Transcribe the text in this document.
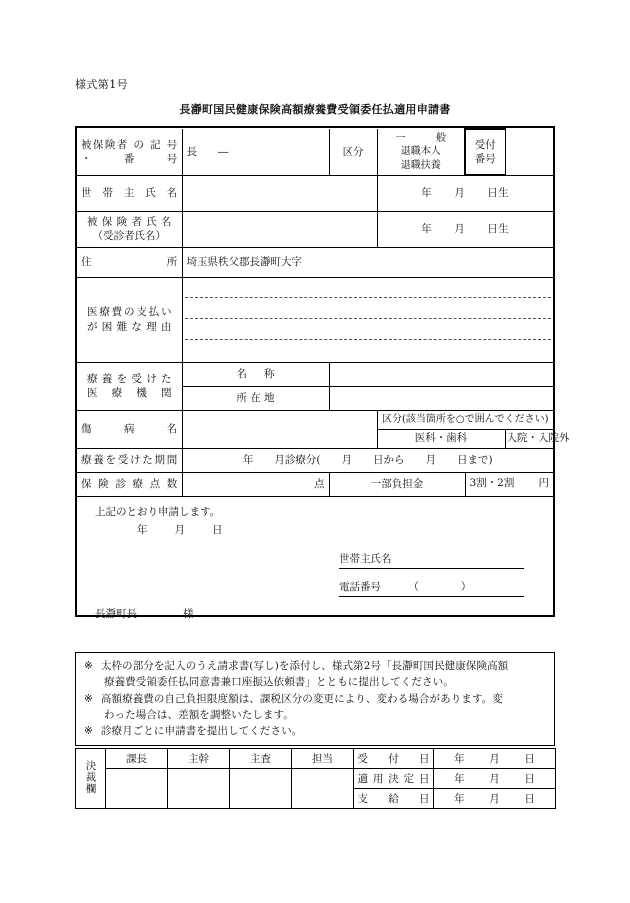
様式第1号
長瀞町国民健康保険高額療養費受領委任払適用申請書
被保険者 の 記 号 ・ 番 号	長　　―	区分	一　　般
退職本人
退職扶養	受付
番号	

世 帯 主 氏 名			年　　月　　日生		

被 保 険 者 氏 名
（受診者氏名）			年　　月　　日生		
住　　　　所	埼玉県秩父郡長瀞町大字				

医療費の支払い
が困難な理由					

療養を受けた
医療機関	名　称				
	所在地				
傷　　病　　名			区分(該当箇所を○で囲んでください)		
			医科・歯科		入院・入院外
療養を受けた期間	年　　月診療分(　　月　　日から　　月　　日まで)				
保 険 診 療 点 数	点	一部負担金		3割・2割 円	

上記のとおり申請します。
年　　月　　日
世帯主氏名
電話番号 （　　　　）
長瀞町長 様					
※ 太枠の部分を記入のうえ請求書(写し)を添付し、様式第2号「長瀞町国民健康保険高額
療養費受領委任払同意書兼口座振込依頼書」とともに提出してください。
※ 高額療養費の自己負担限度額は、課税区分の変更により、変わる場合があります。変
わった場合は、差額を調整いたします。
※ 診療月ごとに申請書を提出してください。
決裁欄	課長	主幹	主査	担当	受　付　日	年 月 日
					適用決定日	年 月 日
					支　給　日	年 月 日
